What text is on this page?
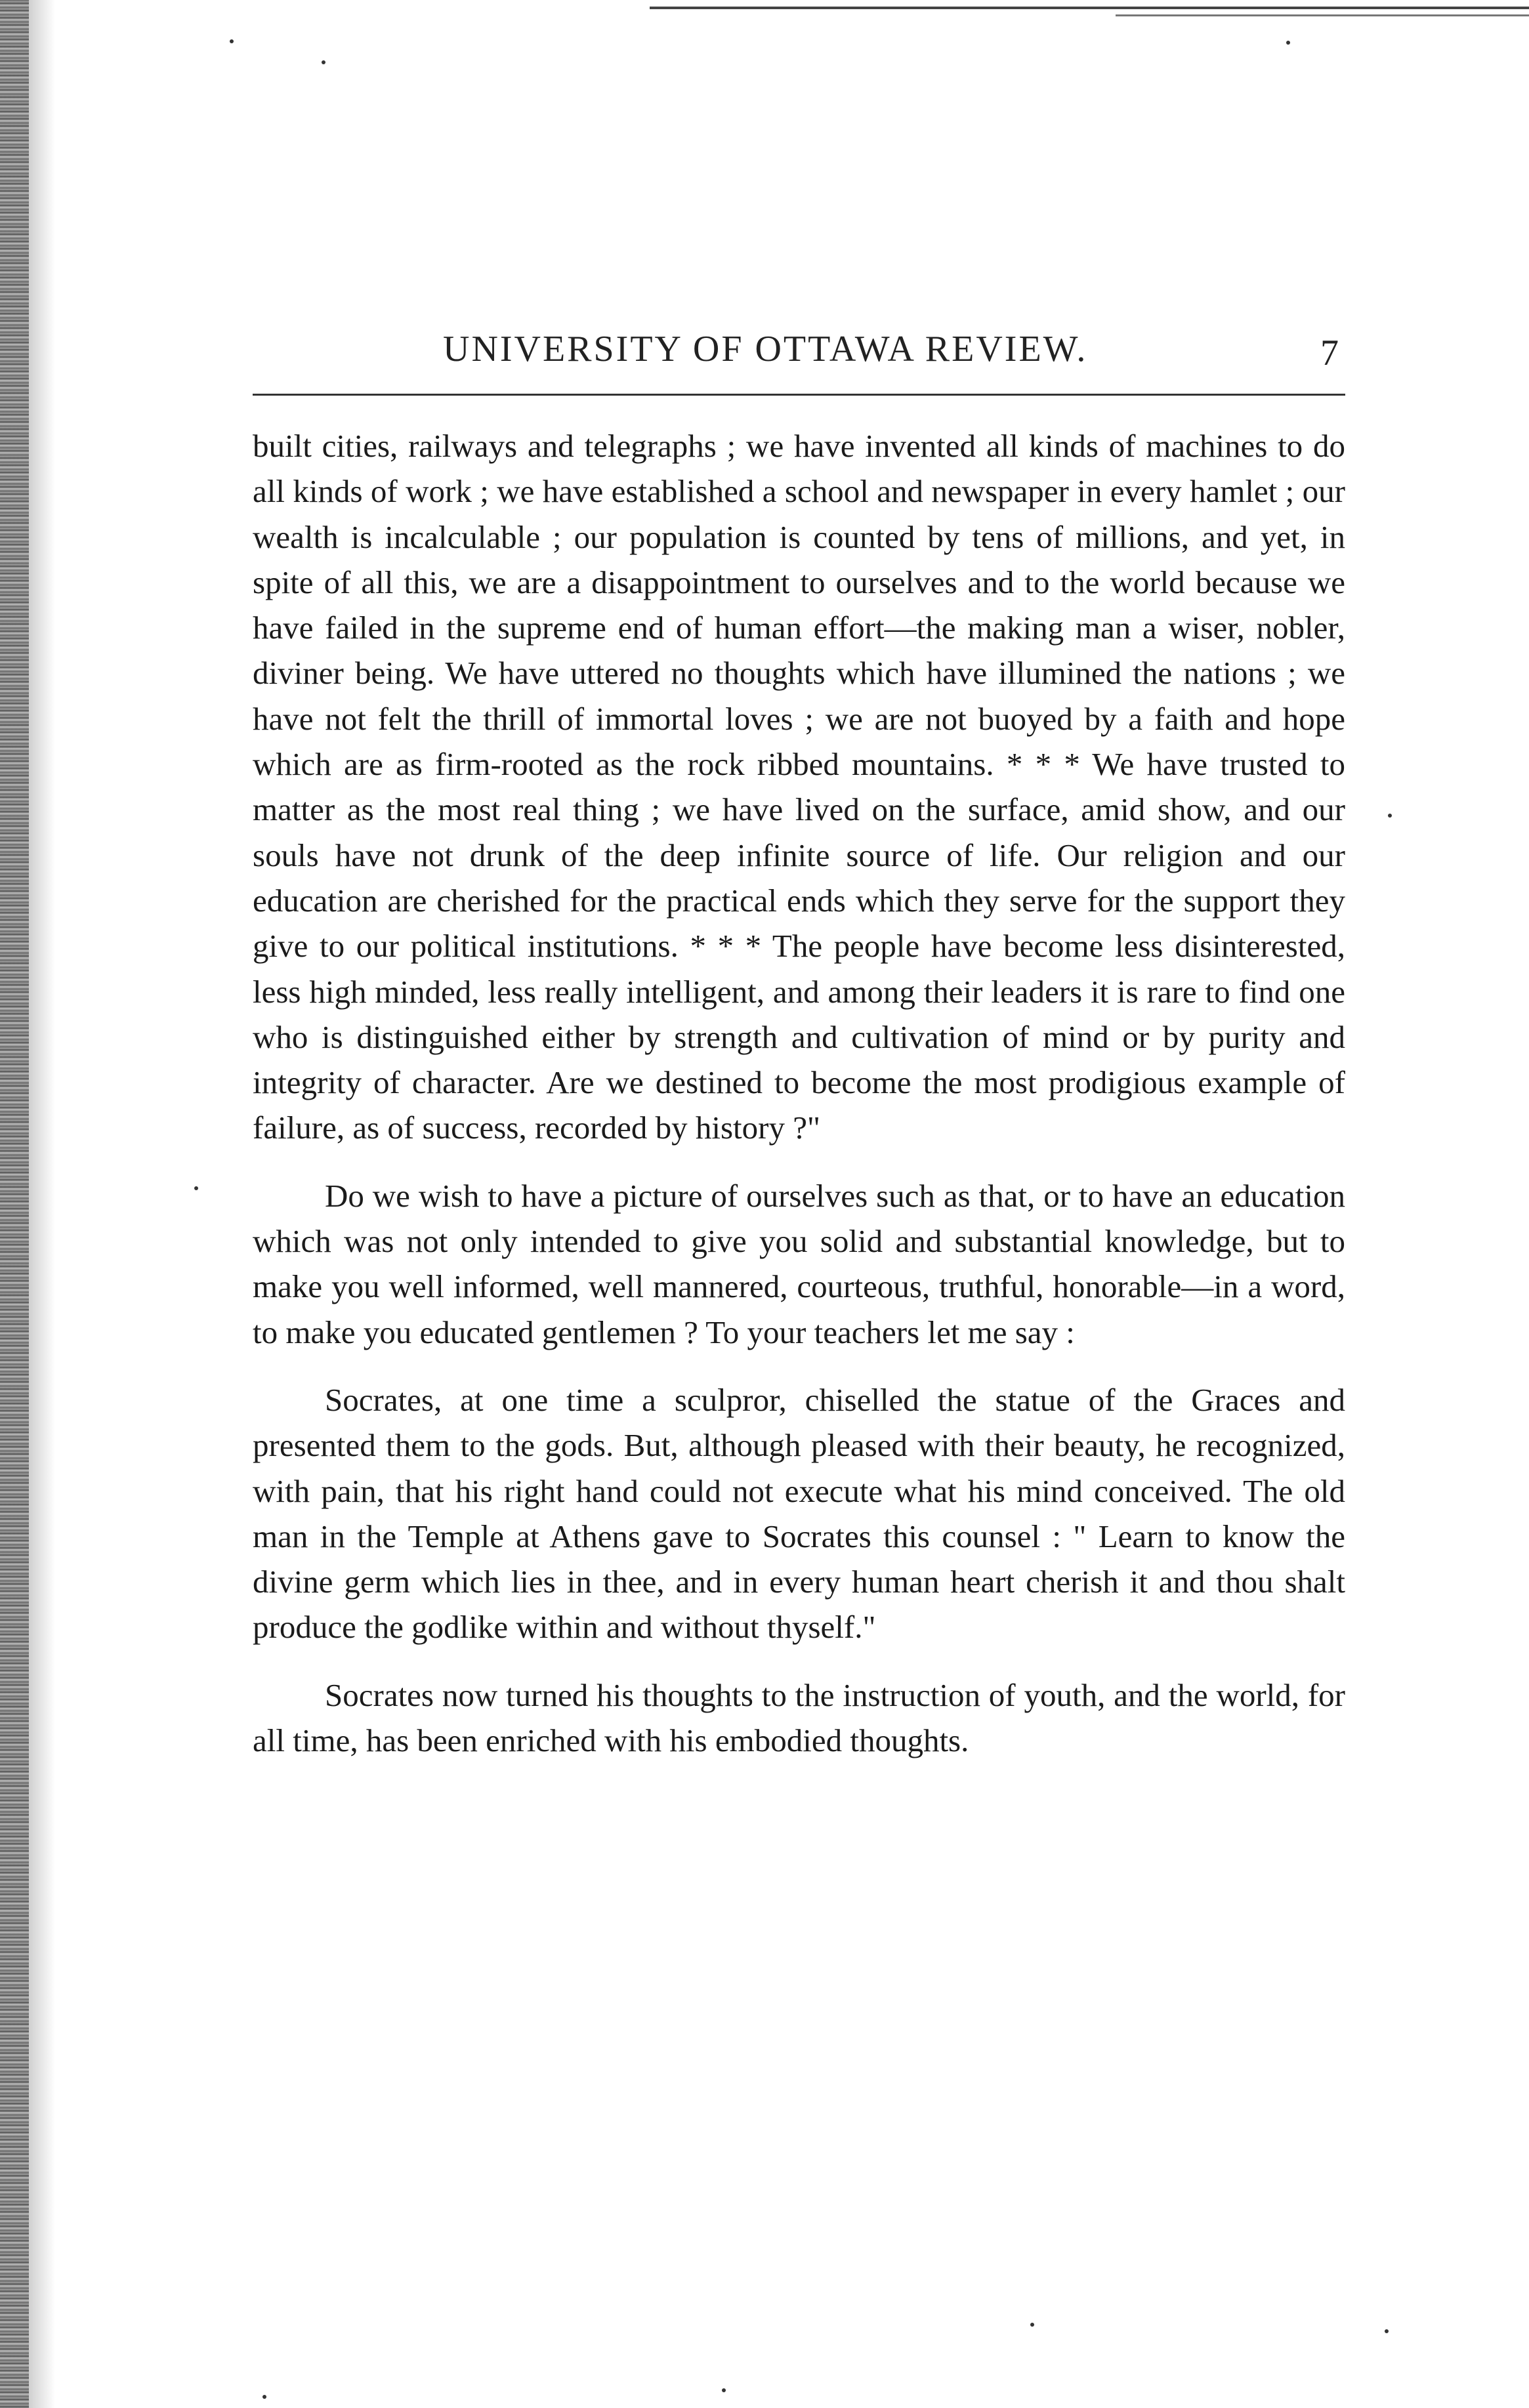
UNIVERSITY OF OTTAWA REVIEW.	7

built cities, railways and telegraphs ; we have invented all kinds of machines to do all kinds of work ; we have established a school and newspaper in every hamlet ; our wealth is incalculable ; our population is counted by tens of millions, and yet, in spite of all this, we are a disappointment to ourselves and to the world because we have failed in the supreme end of human effort—the making man a wiser, nobler, diviner being. We have uttered no thoughts which have illumined the nations ; we have not felt the thrill of immortal loves ; we are not buoyed by a faith and hope which are as firm-rooted as the rock ribbed mountains. * * * We have trusted to matter as the most real thing ; we have lived on the surface, amid show, and our souls have not drunk of the deep infinite source of life. Our religion and our education are cherished for the practical ends which they serve for the support they give to our political institutions. * * * The people have become less disinterested, less high minded, less really intelligent, and among their leaders it is rare to find one who is distinguished either by strength and cultivation of mind or by purity and integrity of character. Are we destined to become the most prodigious example of failure, as of success, recorded by history ?"

Do we wish to have a picture of ourselves such as that, or to have an education which was not only intended to give you solid and substantial knowledge, but to make you well informed, well mannered, courteous, truthful, honorable—in a word, to make you educated gentlemen ? To your teachers let me say :

Socrates, at one time a sculpror, chiselled the statue of the Graces and presented them to the gods. But, although pleased with their beauty, he recognized, with pain, that his right hand could not execute what his mind conceived. The old man in the Temple at Athens gave to Socrates this counsel : " Learn to know the divine germ which lies in thee, and in every human heart cherish it and thou shalt produce the godlike within and without thyself."

Socrates now turned his thoughts to the instruction of youth, and the world, for all time, has been enriched with his embodied thoughts.
